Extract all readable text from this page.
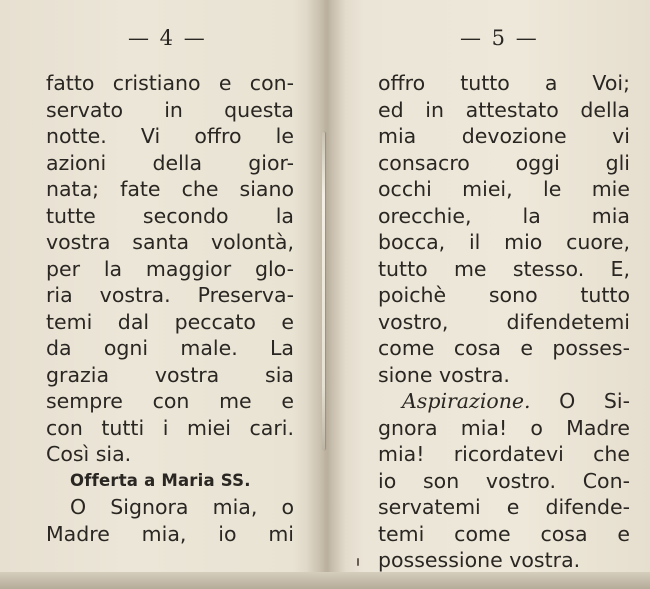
— 4 —
fatto cristiano e con-
servato in questa
notte. Vi offro le
azioni della gior-
nata; fate che siano
tutte secondo la
vostra santa volontà,
per la maggior glo-
ria vostra. Preserva-
temi dal peccato e
da ogni male. La
grazia vostra sia
sempre con me e
con tutti i miei cari.
Così sia.
Offerta a Maria SS.
O Signora mia, o
Madre mia, io mi
— 5 —
offro tutto a Voi;
ed in attestato della
mia devozione vi
consacro oggi gli
occhi miei, le mie
orecchie, la mia
bocca, il mio cuore,
tutto me stesso. E,
poichè sono tutto
vostro, difendetemi
come cosa e posses-
sione vostra.
Aspirazione. O Si-
gnora mia! o Madre
mia! ricordatevi che
io son vostro. Con-
servatemi e difende-
temi come cosa e
possessione vostra.
